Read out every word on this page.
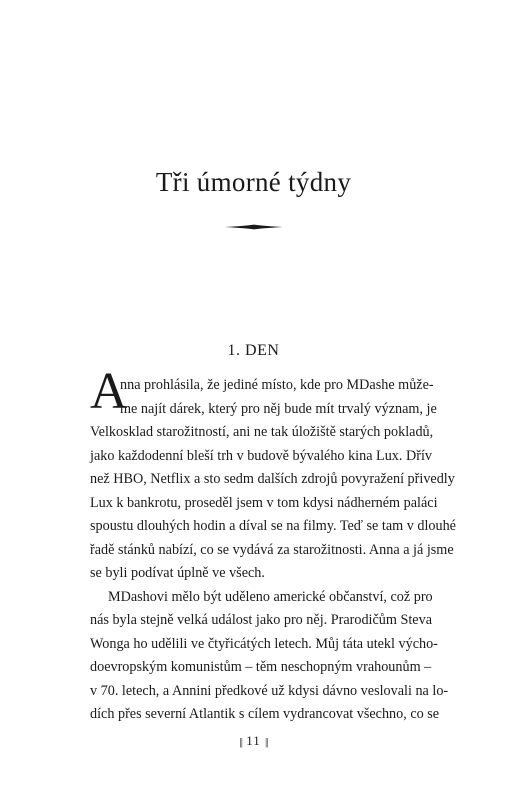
Tři úmorné týdny
1. DEN
A
nna prohlásila, že jediné místo, kde pro MDashe může-
me najít dárek, který pro něj bude mít trvalý význam, je
Velkosklad starožitností, ani ne tak úložiště starých pokladů,
jako každodenní bleší trh v budově bývalého kina Lux. Dřív
než HBO, Netflix a sto sedm dalších zdrojů povyražení přivedly
Lux k bankrotu, proseděl jsem v tom kdysi nádherném paláci
spoustu dlouhých hodin a díval se na filmy. Teď se tam v dlouhé
řadě stánků nabízí, co se vydává za starožitnosti. Anna a já jsme
se byli podívat úplně ve všech.
MDashovi mělo být uděleno americké občanství, což pro
nás byla stejně velká událost jako pro něj. Prarodičům Steva
Wonga ho udělili ve čtyřicátých letech. Můj táta utekl výcho-
doevropským komunistům – těm neschopným vrahounům –
v 70. letech, a Annini předkové už kdysi dávno veslovali na lo-
dích přes severní Atlantik s cílem vydrancovat všechno, co se
|| 11 ||
